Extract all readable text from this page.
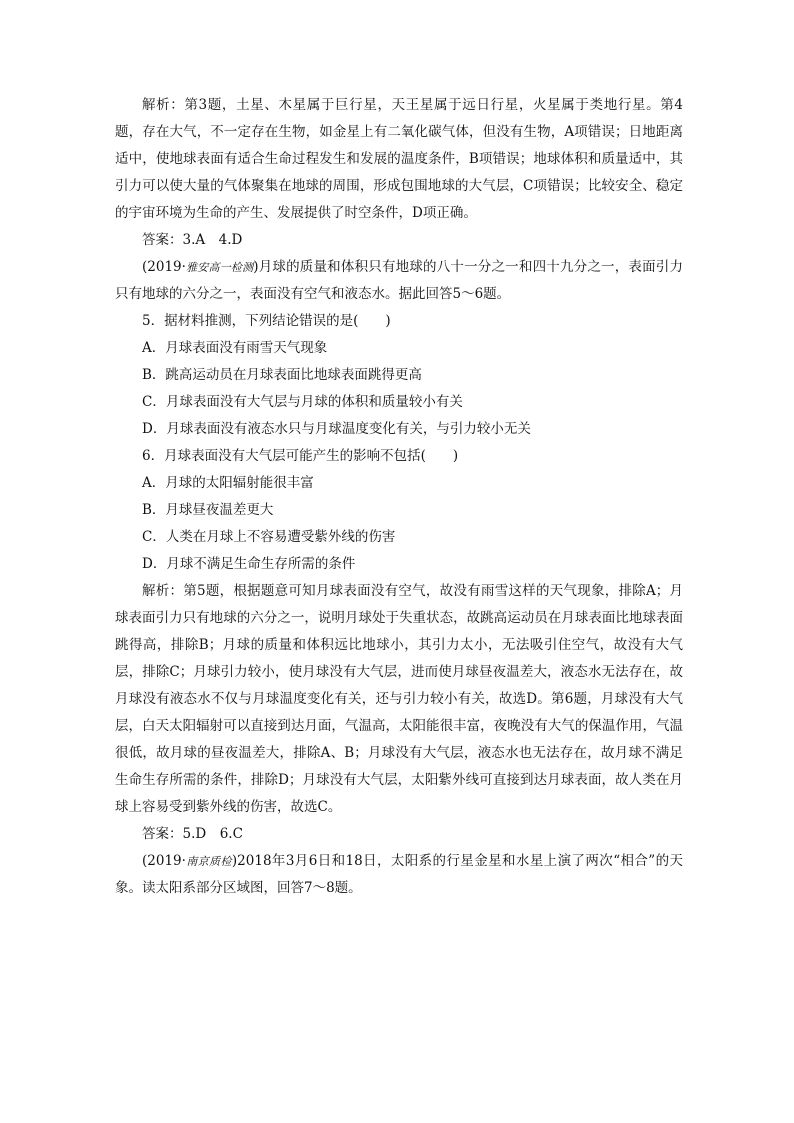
解析：第3题，土星、木星属于巨行星，天王星属于远日行星，火星属于类地行星。第4题，存在大气，不一定存在生物，如金星上有二氧化碳气体，但没有生物，A项错误；日地距离适中，使地球表面有适合生命过程发生和发展的温度条件，B项错误；地球体积和质量适中，其引力可以使大量的气体聚集在地球的周围，形成包围地球的大气层，C项错误；比较安全、稳定的宇宙环境为生命的产生、发展提供了时空条件，D项正确。

答案：3.A　4.D

(2019·雅安高一检测)月球的质量和体积只有地球的八十一分之一和四十九分之一，表面引力只有地球的六分之一，表面没有空气和液态水。据此回答5～6题。

5．据材料推测，下列结论错误的是(　　)

A．月球表面没有雨雪天气现象

B．跳高运动员在月球表面比地球表面跳得更高

C．月球表面没有大气层与月球的体积和质量较小有关

D．月球表面没有液态水只与月球温度变化有关，与引力较小无关

6．月球表面没有大气层可能产生的影响不包括(　　)

A．月球的太阳辐射能很丰富

B．月球昼夜温差更大

C．人类在月球上不容易遭受紫外线的伤害

D．月球不满足生命生存所需的条件

解析：第5题，根据题意可知月球表面没有空气，故没有雨雪这样的天气现象，排除A；月球表面引力只有地球的六分之一，说明月球处于失重状态，故跳高运动员在月球表面比地球表面跳得高，排除B；月球的质量和体积远比地球小，其引力太小，无法吸引住空气，故没有大气层，排除C；月球引力较小，使月球没有大气层，进而使月球昼夜温差大，液态水无法存在，故月球没有液态水不仅与月球温度变化有关，还与引力较小有关，故选D。第6题，月球没有大气层，白天太阳辐射可以直接到达月面，气温高，太阳能很丰富，夜晚没有大气的保温作用，气温很低，故月球的昼夜温差大，排除A、B；月球没有大气层，液态水也无法存在，故月球不满足生命生存所需的条件，排除D；月球没有大气层，太阳紫外线可直接到达月球表面，故人类在月球上容易受到紫外线的伤害，故选C。

答案：5.D　6.C

(2019·南京质检)2018年3月6日和18日，太阳系的行星金星和水星上演了两次“相合”的天象。读太阳系部分区域图，回答7～8题。
